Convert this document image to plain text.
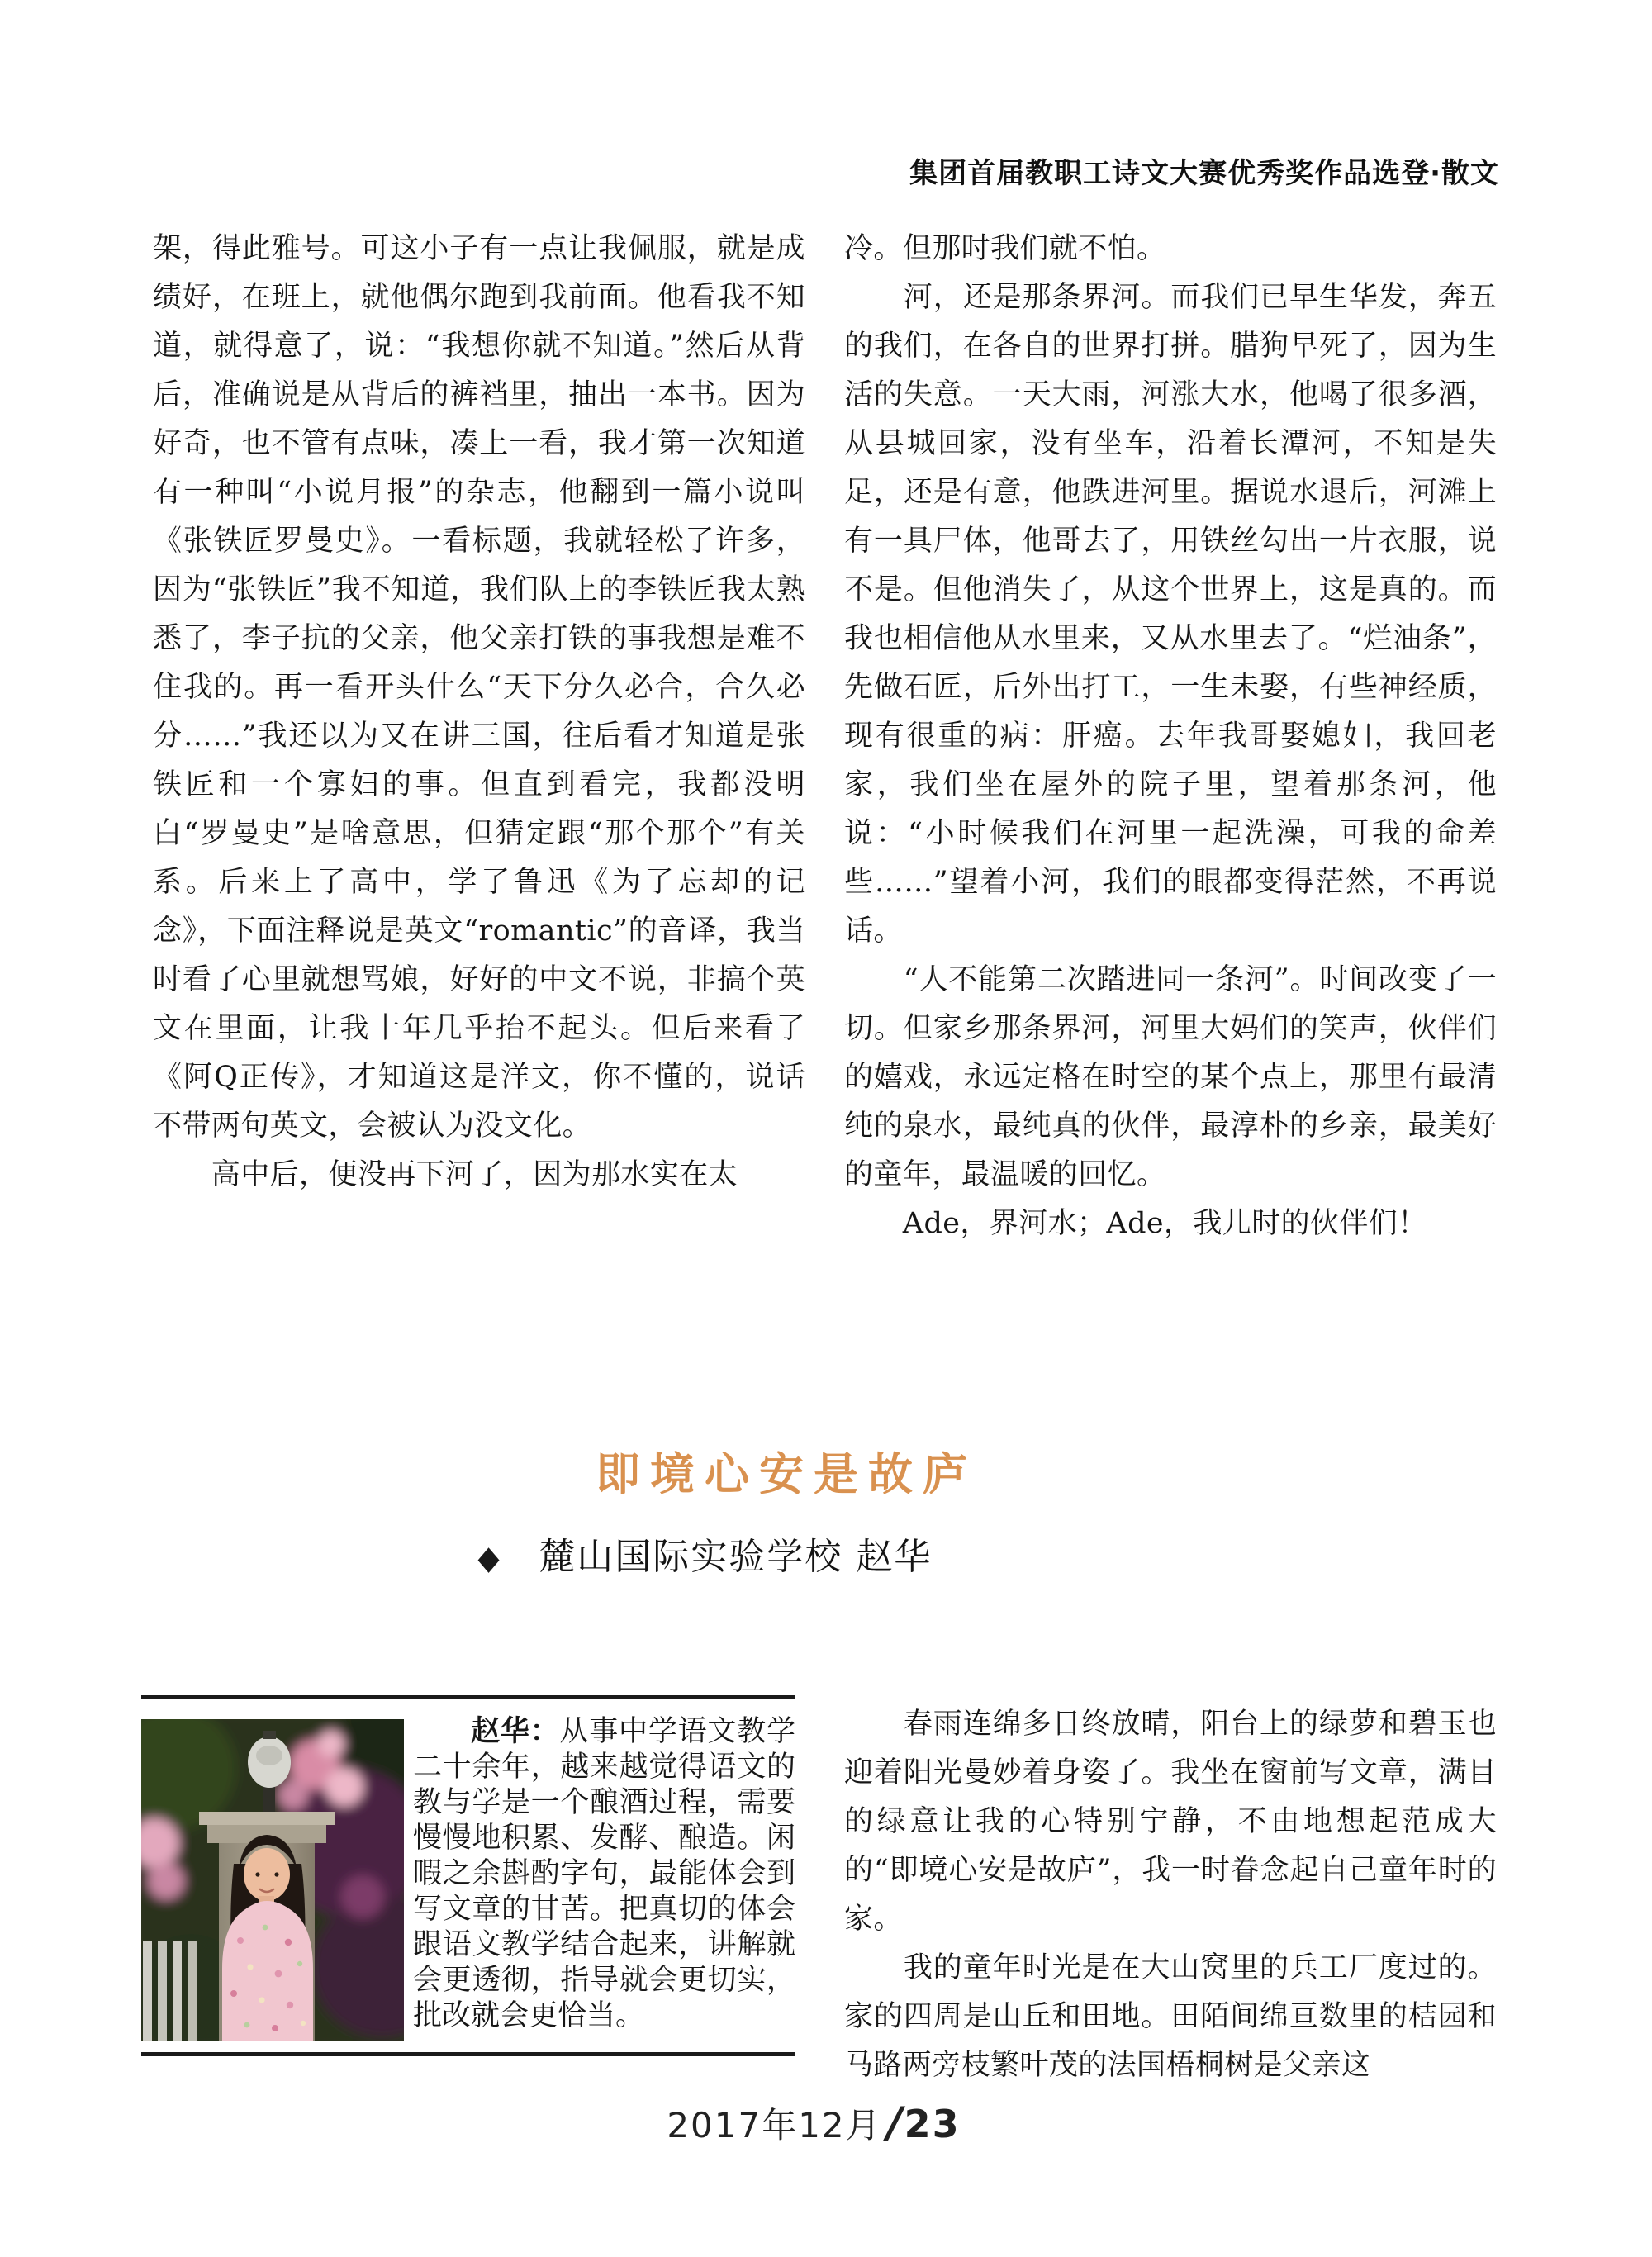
集团首届教职工诗文大赛优秀奖作品选登·散文

架，得此雅号。可这小子有一点让我佩服，就是成绩好，在班上，就他偶尔跑到我前面。他看我不知道，就得意了，说：“我想你就不知道。”然后从背后，准确说是从背后的裤裆里，抽出一本书。因为好奇，也不管有点味，凑上一看，我才第一次知道有一种叫“小说月报”的杂志，他翻到一篇小说叫《张铁匠罗曼史》。一看标题，我就轻松了许多，因为“张铁匠”我不知道，我们队上的李铁匠我太熟悉了，李子抗的父亲，他父亲打铁的事我想是难不住我的。再一看开头什么“天下分久必合，合久必分……”我还以为又在讲三国，往后看才知道是张铁匠和一个寡妇的事。但直到看完，我都没明白“罗曼史”是啥意思，但猜定跟“那个那个”有关系。后来上了高中，学了鲁迅《为了忘却的记念》，下面注释说是英文“romantic”的音译，我当时看了心里就想骂娘，好好的中文不说，非搞个英文在里面，让我十年几乎抬不起头。但后来看了《阿Q正传》，才知道这是洋文，你不懂的，说话不带两句英文，会被认为没文化。

　　高中后，便没再下河了，因为那水实在太

冷。但那时我们就不怕。

　　河，还是那条界河。而我们已早生华发，奔五的我们，在各自的世界打拼。腊狗早死了，因为生活的失意。一天大雨，河涨大水，他喝了很多酒，从县城回家，没有坐车，沿着长潭河，不知是失足，还是有意，他跌进河里。据说水退后，河滩上有一具尸体，他哥去了，用铁丝勾出一片衣服，说不是。但他消失了，从这个世界上，这是真的。而我也相信他从水里来，又从水里去了。“烂油条”，先做石匠，后外出打工，一生未娶，有些神经质，现有很重的病：肝癌。去年我哥娶媳妇，我回老家，我们坐在屋外的院子里，望着那条河，他说：“小时候我们在河里一起洗澡，可我的命差些……”望着小河，我们的眼都变得茫然，不再说话。

　　“人不能第二次踏进同一条河”。时间改变了一切。但家乡那条界河，河里大妈们的笑声，伙伴们的嬉戏，永远定格在时空的某个点上，那里有最清纯的泉水，最纯真的伙伴，最淳朴的乡亲，最美好的童年，最温暖的回忆。

　　Ade，界河水；Ade，我儿时的伙伴们！

即境心安是故庐
◆ 麓山国际实验学校 赵华

赵华：从事中学语文教学二十余年，越来越觉得语文的教与学是一个酿酒过程，需要慢慢地积累、发酵、酿造。闲暇之余斟酌字句，最能体会到写文章的甘苦。把真切的体会跟语文教学结合起来，讲解就会更透彻，指导就会更切实，批改就会更恰当。

　　春雨连绵多日终放晴，阳台上的绿萝和碧玉也迎着阳光曼妙着身姿了。我坐在窗前写文章，满目的绿意让我的心特别宁静，不由地想起范成大的“即境心安是故庐”，我一时眷念起自己童年时的家。

　　我的童年时光是在大山窝里的兵工厂度过的。家的四周是山丘和田地。田陌间绵亘数里的桔园和马路两旁枝繁叶茂的法国梧桐树是父亲这

2017年12月 /23
